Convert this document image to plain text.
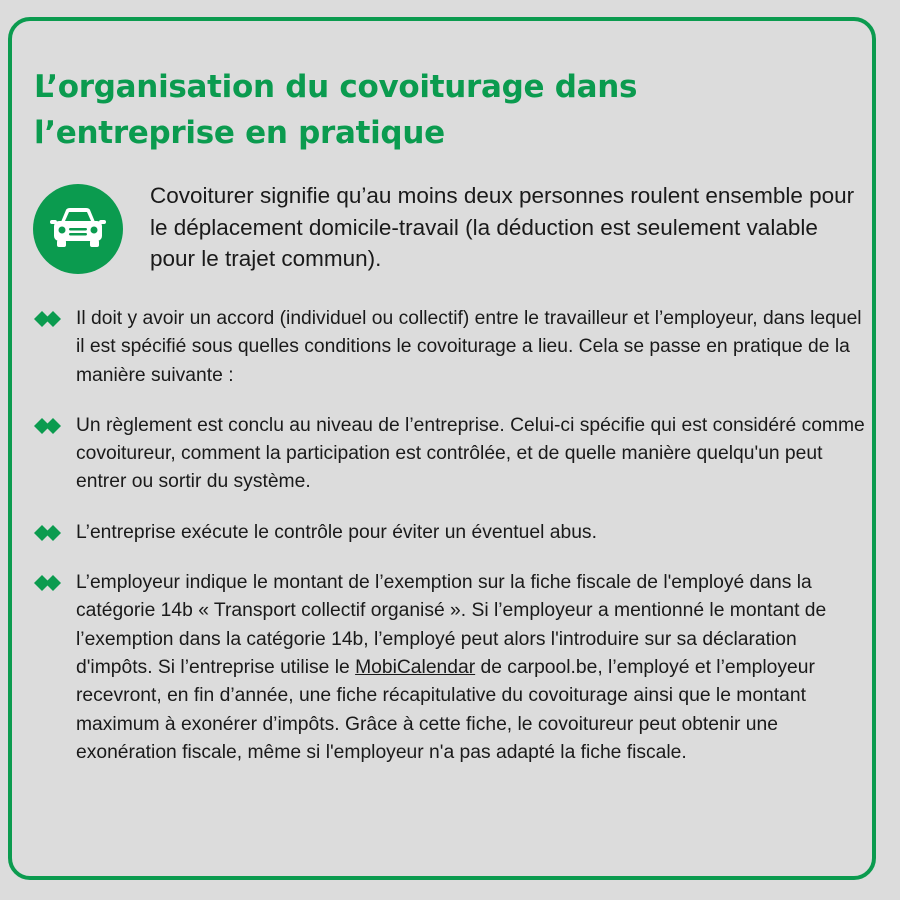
L’organisation du covoiturage dans l’entreprise en pratique

Covoiturer signifie qu’au moins deux personnes roulent ensemble pour le déplacement domicile-travail (la déduction est seulement valable pour le trajet commun).

Il doit y avoir un accord (individuel ou collectif) entre le travailleur et l’employeur, dans lequel il est spécifié sous quelles conditions le covoiturage a lieu. Cela se passe en pratique de la manière suivante :
Un règlement est conclu au niveau de l’entreprise. Celui-ci spécifie qui est considéré comme covoitureur, comment la participation est contrôlée, et de quelle manière quelqu'un peut entrer ou sortir du système.
L’entreprise exécute le contrôle pour éviter un éventuel abus.
L’employeur indique le montant de l’exemption sur la fiche fiscale de l'employé dans la catégorie 14b « Transport collectif organisé ». Si l’employeur a mentionné le montant de l’exemption dans la catégorie 14b, l’employé peut alors l'introduire sur sa déclaration d'impôts. Si l’entreprise utilise le MobiCalendar de carpool.be, l’employé et l’employeur recevront, en fin d’année, une fiche récapitulative du covoiturage ainsi que le montant maximum à exonérer d’impôts. Grâce à cette fiche, le covoitureur peut obtenir une exonération fiscale, même si l'employeur n'a pas adapté la fiche fiscale.
